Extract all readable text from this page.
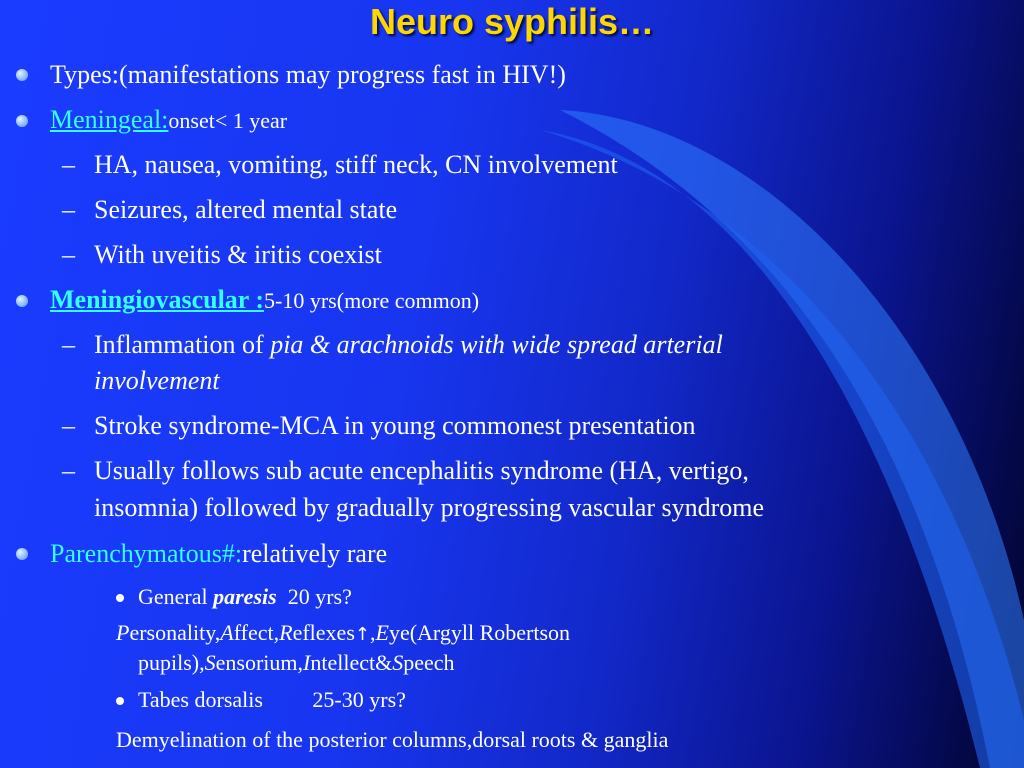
Neuro syphilis…
Types:(manifestations may progress fast in HIV!)
Meningeal:onset< 1 year
– HA, nausea, vomiting, stiff neck, CN involvement
– Seizures, altered mental state
– With uveitis & iritis coexist
Meningiovascular :5-10 yrs(more common)
– Inflammation of pia & arachnoids with wide spread arterial
involvement
– Stroke syndrome-MCA in young commonest presentation
– Usually follows sub acute encephalitis syndrome (HA, vertigo,
insomnia) followed by gradually progressing vascular syndrome
Parenchymatous#:relatively rare
General paresis  20 yrs?
Personality,Affect,Reflexes↑,Eye(Argyll Robertson
pupils),Sensorium,Intellect&Speech
Tabes dorsalis         25-30 yrs?
Demyelination of the posterior columns,dorsal roots & ganglia
